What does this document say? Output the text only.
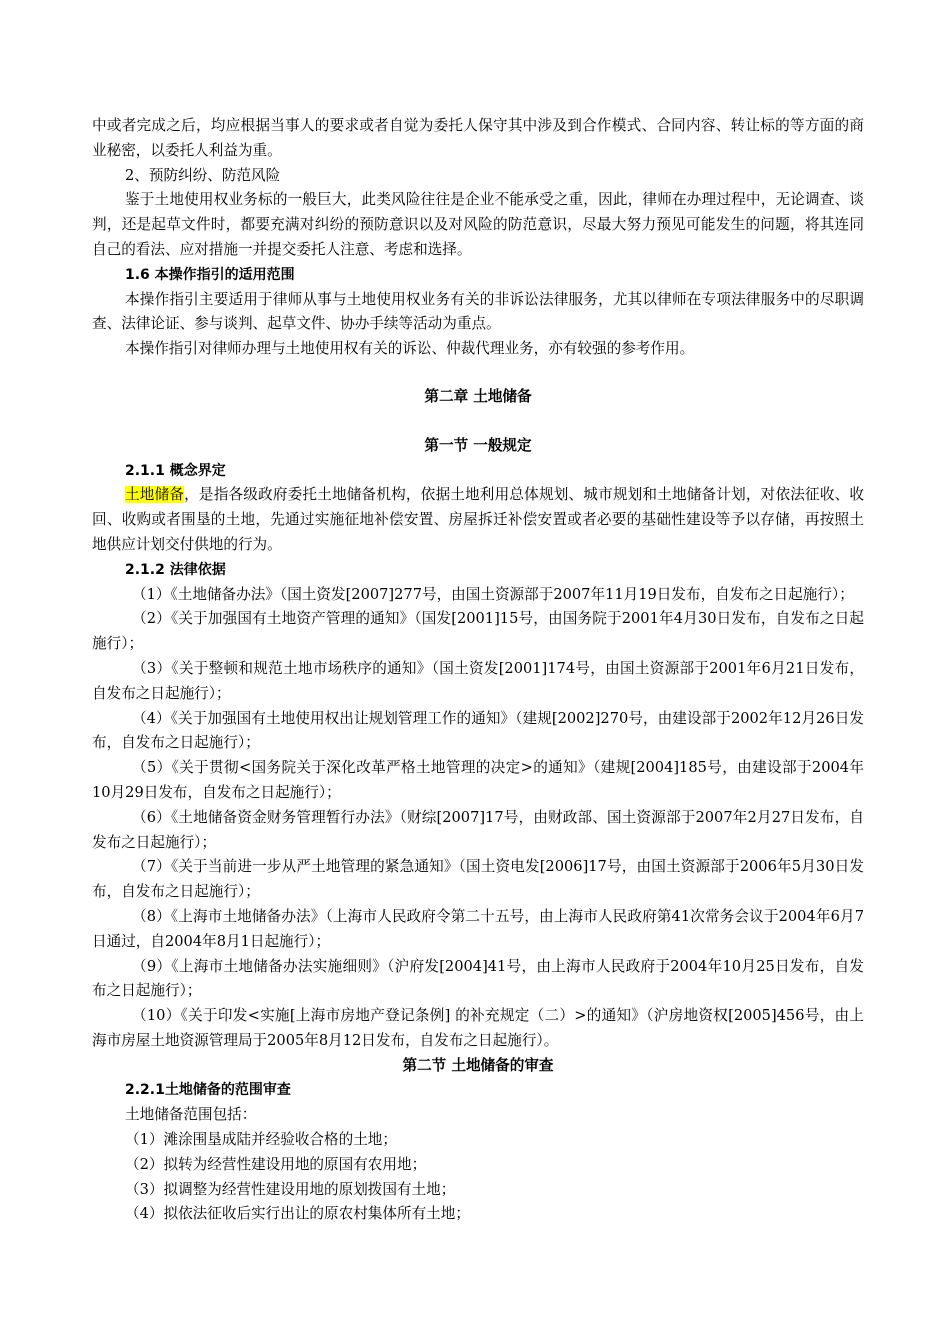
中或者完成之后，均应根据当事人的要求或者自觉为委托人保守其中涉及到合作模式、合同内容、转让标的等方面的商业秘密，以委托人利益为重。

2、预防纠纷、防范风险

鉴于土地使用权业务标的一般巨大，此类风险往往是企业不能承受之重，因此，律师在办理过程中，无论调查、谈判，还是起草文件时，都要充满对纠纷的预防意识以及对风险的防范意识，尽最大努力预见可能发生的问题，将其连同自己的看法、应对措施一并提交委托人注意、考虑和选择。

1.6 本操作指引的适用范围

本操作指引主要适用于律师从事与土地使用权业务有关的非诉讼法律服务，尤其以律师在专项法律服务中的尽职调查、法律论证、参与谈判、起草文件、协办手续等活动为重点。

本操作指引对律师办理与土地使用权有关的诉讼、仲裁代理业务，亦有较强的参考作用。

第二章 土地储备

第一节 一般规定

2.1.1 概念界定

土地储备，是指各级政府委托土地储备机构，依据土地利用总体规划、城市规划和土地储备计划，对依法征收、收回、收购或者围垦的土地，先通过实施征地补偿安置、房屋拆迁补偿安置或者必要的基础性建设等予以存储，再按照土地供应计划交付供地的行为。

2.1.2 法律依据

（1）《土地储备办法》（国土资发[2007]277号，由国土资源部于2007年11月19日发布，自发布之日起施行）；

（2）《关于加强国有土地资产管理的通知》（国发[2001]15号，由国务院于2001年4月30日发布，自发布之日起施行）；

（3）《关于整顿和规范土地市场秩序的通知》（国土资发[2001]174号，由国土资源部于2001年6月21日发布，自发布之日起施行）；

（4）《关于加强国有土地使用权出让规划管理工作的通知》（建规[2002]270号，由建设部于2002年12月26日发布，自发布之日起施行）；

（5）《关于贯彻<国务院关于深化改革严格土地管理的决定>的通知》（建规[2004]185号，由建设部于2004年10月29日发布，自发布之日起施行）；

（6）《土地储备资金财务管理暂行办法》（财综[2007]17号，由财政部、国土资源部于2007年2月27日发布，自发布之日起施行）；

（7）《关于当前进一步从严土地管理的紧急通知》（国土资电发[2006]17号，由国土资源部于2006年5月30日发布，自发布之日起施行）；

（8）《上海市土地储备办法》（上海市人民政府令第二十五号，由上海市人民政府第41次常务会议于2004年6月7日通过，自2004年8月1日起施行）；

（9）《上海市土地储备办法实施细则》（沪府发[2004]41号，由上海市人民政府于2004年10月25日发布，自发布之日起施行）；

（10）《关于印发<实施[上海市房地产登记条例] 的补充规定（二）>的通知》（沪房地资权[2005]456号，由上海市房屋土地资源管理局于2005年8月12日发布，自发布之日起施行）。

第二节 土地储备的审查

2.2.1土地储备的范围审查

土地储备范围包括：

（1）滩涂围垦成陆并经验收合格的土地；

（2）拟转为经营性建设用地的原国有农用地；

（3）拟调整为经营性建设用地的原划拨国有土地；

（4）拟依法征收后实行出让的原农村集体所有土地；
